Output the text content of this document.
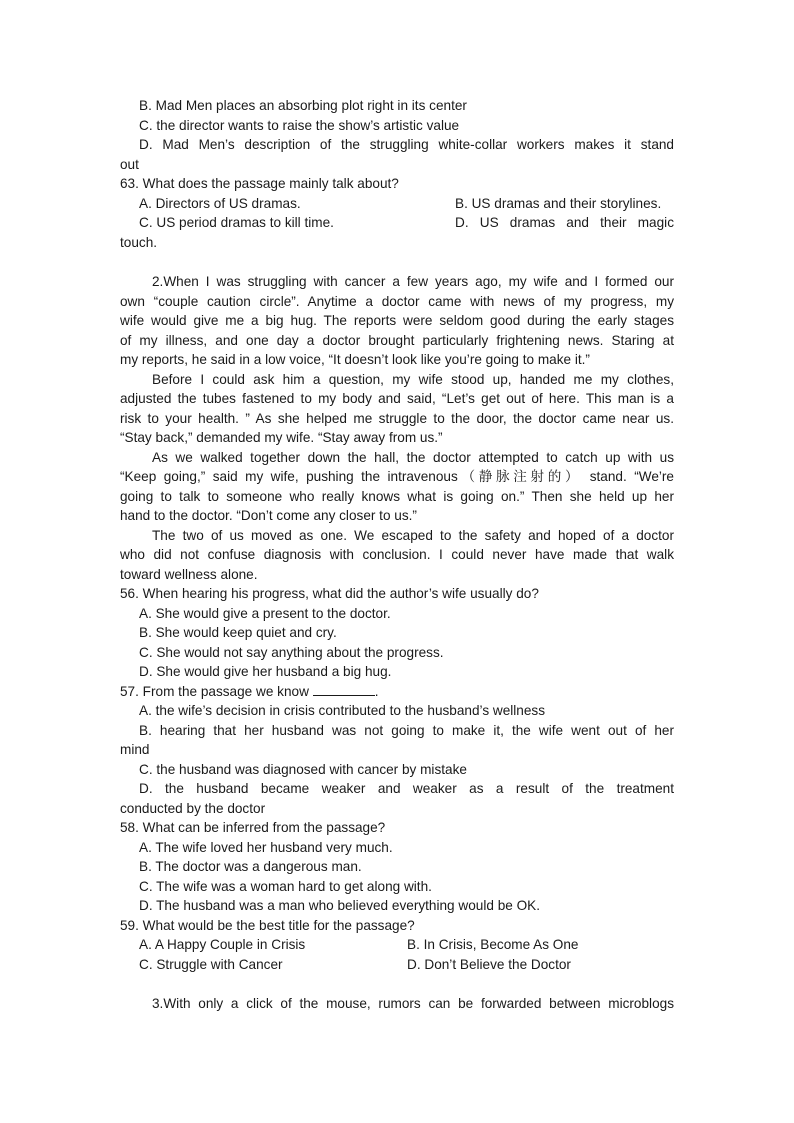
B. Mad Men places an absorbing plot right in its center
C. the director wants to raise the show’s artistic value
D. Mad Men’s description of the struggling white-collar workers makes it stand
out
63. What does the passage mainly talk about?
A. Directors of US dramas.	B. US dramas and their storylines.
C. US period dramas to kill time.	D. US dramas and their magic
touch.
2.When I was struggling with cancer a few years ago, my wife and I formed our
own “couple caution circle”. Anytime a doctor came with news of my progress, my
wife would give me a big hug. The reports were seldom good during the early stages
of my illness, and one day a doctor brought particularly frightening news. Staring at
my reports, he said in a low voice, “It doesn’t look like you’re going to make it.”
Before I could ask him a question, my wife stood up, handed me my clothes,
adjusted the tubes fastened to my body and said, “Let’s get out of here. This man is a
risk to your health. ” As she helped me struggle to the door, the doctor came near us.
“Stay back,” demanded my wife. “Stay away from us.”
As we walked together down the hall, the doctor attempted to catch up with us
“Keep going,” said my wife, pushing the intravenous（静脉注射的） stand. “We’re
going to talk to someone who really knows what is going on.” Then she held up her
hand to the doctor. “Don’t come any closer to us.”
The two of us moved as one. We escaped to the safety and hoped of a doctor
who did not confuse diagnosis with conclusion. I could never have made that walk
toward wellness alone.
56. When hearing his progress, what did the author’s wife usually do?
A. She would give a present to the doctor.
B. She would keep quiet and cry.
C. She would not say anything about the progress.
D. She would give her husband a big hug.
57. From the passage we know	.
A. the wife’s decision in crisis contributed to the husband’s wellness
B. hearing that her husband was not going to make it, the wife went out of her
mind
C. the husband was diagnosed with cancer by mistake
D. the husband became weaker and weaker as a result of the treatment
conducted by the doctor
58. What can be inferred from the passage?
A. The wife loved her husband very much.
B. The doctor was a dangerous man.
C. The wife was a woman hard to get along with.
D. The husband was a man who believed everything would be OK.
59. What would be the best title for the passage?
A. A Happy Couple in Crisis	B. In Crisis, Become As One
C. Struggle with Cancer	D. Don’t Believe the Doctor
3.With only a click of the mouse, rumors can be forwarded between microblogs
